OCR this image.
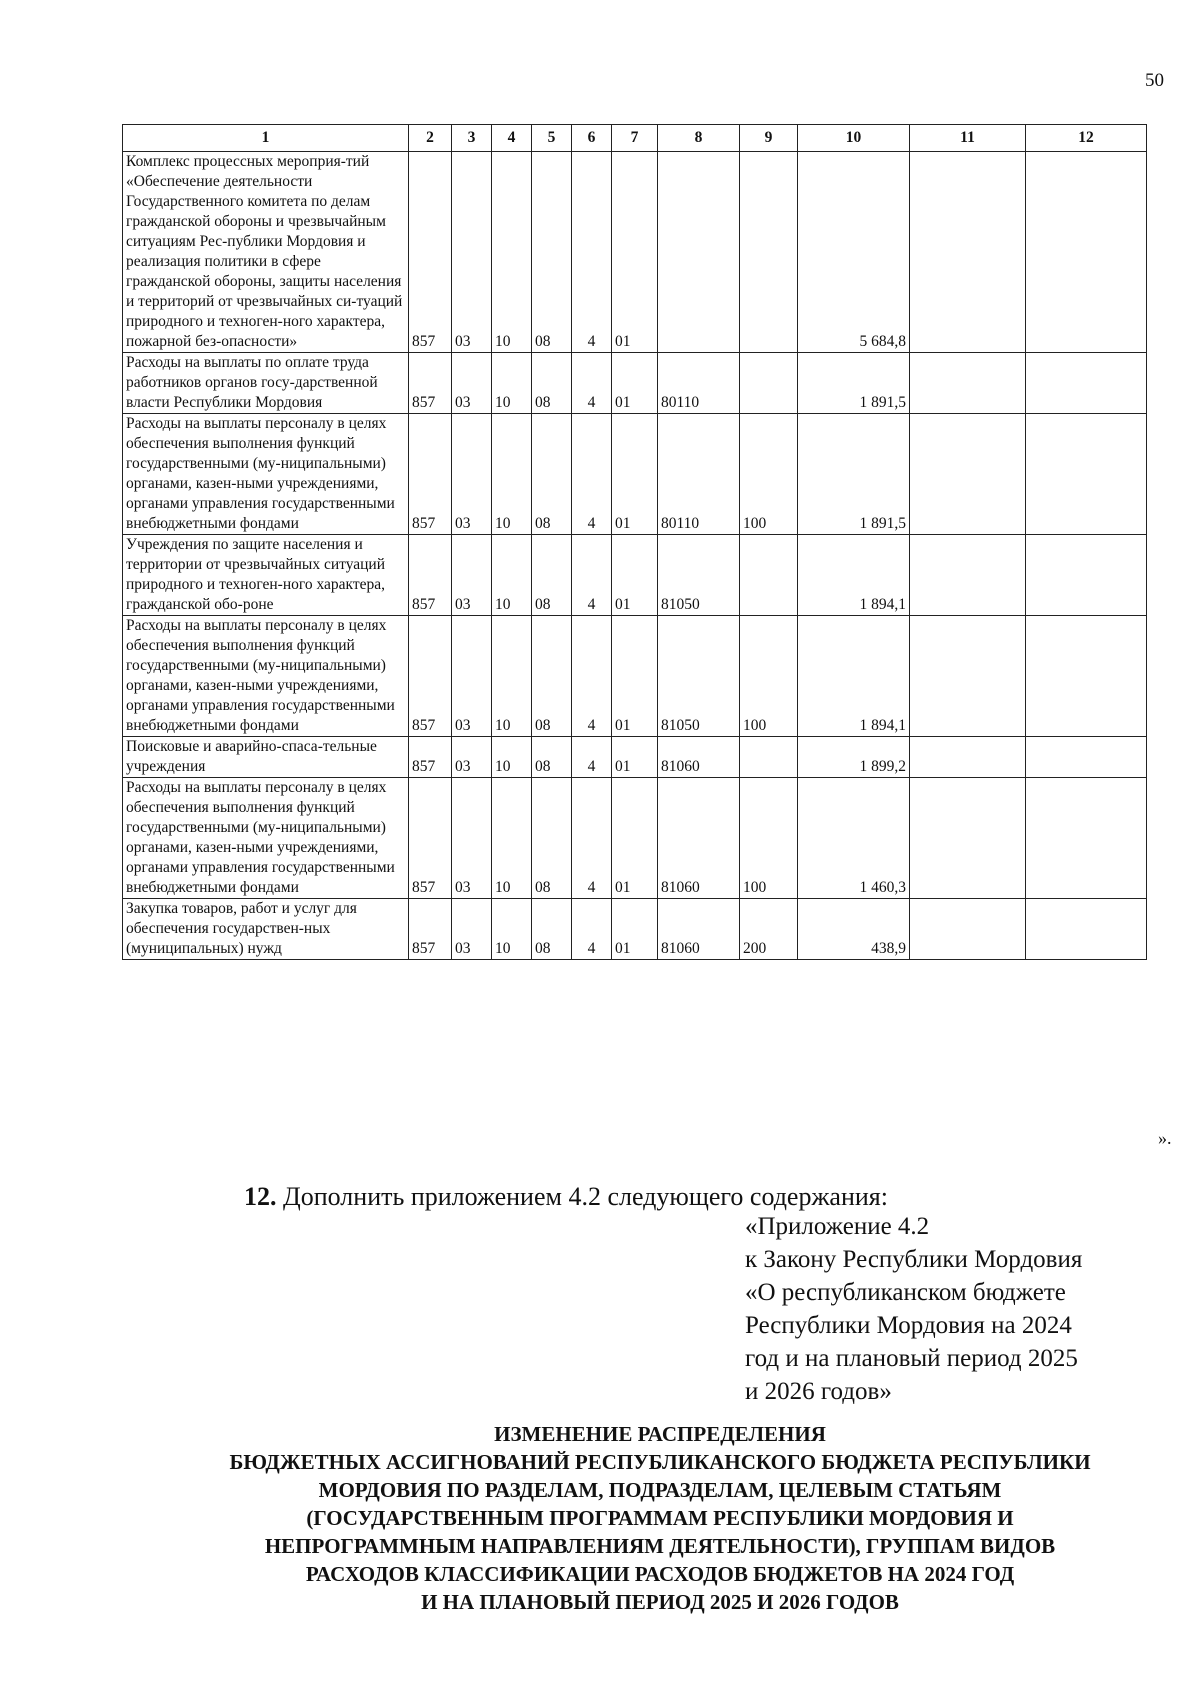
50
1	2	3	4	5	6	7	8	9	10	11	12
Комплекс процессных мероприя-тий «Обеспечение деятельности Государственного комитета по делам гражданской обороны и чрезвычайным ситуациям Рес-публики Мордовия и реализация политики в сфере гражданской обороны, защиты населения и территорий от чрезвычайных си-туаций природного и техноген-ного характера, пожарной без-опасности»	857	03	10	08	4	01			5 684,8		
Расходы на выплаты по оплате труда работников органов госу-дарственной власти Республики Мордовия	857	03	10	08	4	01	80110		1 891,5		
Расходы на выплаты персоналу в целях обеспечения выполнения функций государственными (му-ниципальными) органами, казен-ными учреждениями, органами управления государственными внебюджетными фондами	857	03	10	08	4	01	80110	100	1 891,5		
Учреждения по защите населения и территории от чрезвычайных ситуаций природного и техноген-ного характера, гражданской обо-роне	857	03	10	08	4	01	81050		1 894,1		
Расходы на выплаты персоналу в целях обеспечения выполнения функций государственными (му-ниципальными) органами, казен-ными учреждениями, органами управления государственными внебюджетными фондами	857	03	10	08	4	01	81050	100	1 894,1		
Поисковые и аварийно-спаса-тельные учреждения	857	03	10	08	4	01	81060		1 899,2		
Расходы на выплаты персоналу в целях обеспечения выполнения функций государственными (му-ниципальными) органами, казен-ными учреждениями, органами управления государственными внебюджетными фондами	857	03	10	08	4	01	81060	100	1 460,3		
Закупка товаров, работ и услуг для обеспечения государствен-ных (муниципальных) нужд	857	03	10	08	4	01	81060	200	438,9		
».
12. Дополнить приложением 4.2 следующего содержания:
«Приложение 4.2
к Закону Республики Мордовия
«О республиканском бюджете
Республики Мордовия на 2024
год и на плановый период 2025
и 2026 годов»
ИЗМЕНЕНИЕ РАСПРЕДЕЛЕНИЯ
БЮДЖЕТНЫХ АССИГНОВАНИЙ РЕСПУБЛИКАНСКОГО БЮДЖЕТА РЕСПУБЛИКИ
МОРДОВИЯ ПО РАЗДЕЛАМ, ПОДРАЗДЕЛАМ, ЦЕЛЕВЫМ СТАТЬЯМ
(ГОСУДАРСТВЕННЫМ ПРОГРАММАМ РЕСПУБЛИКИ МОРДОВИЯ И
НЕПРОГРАММНЫМ НАПРАВЛЕНИЯМ ДЕЯТЕЛЬНОСТИ), ГРУППАМ ВИДОВ
РАСХОДОВ КЛАССИФИКАЦИИ РАСХОДОВ БЮДЖЕТОВ НА 2024 ГОД
И НА ПЛАНОВЫЙ ПЕРИОД 2025 И 2026 ГОДОВ
